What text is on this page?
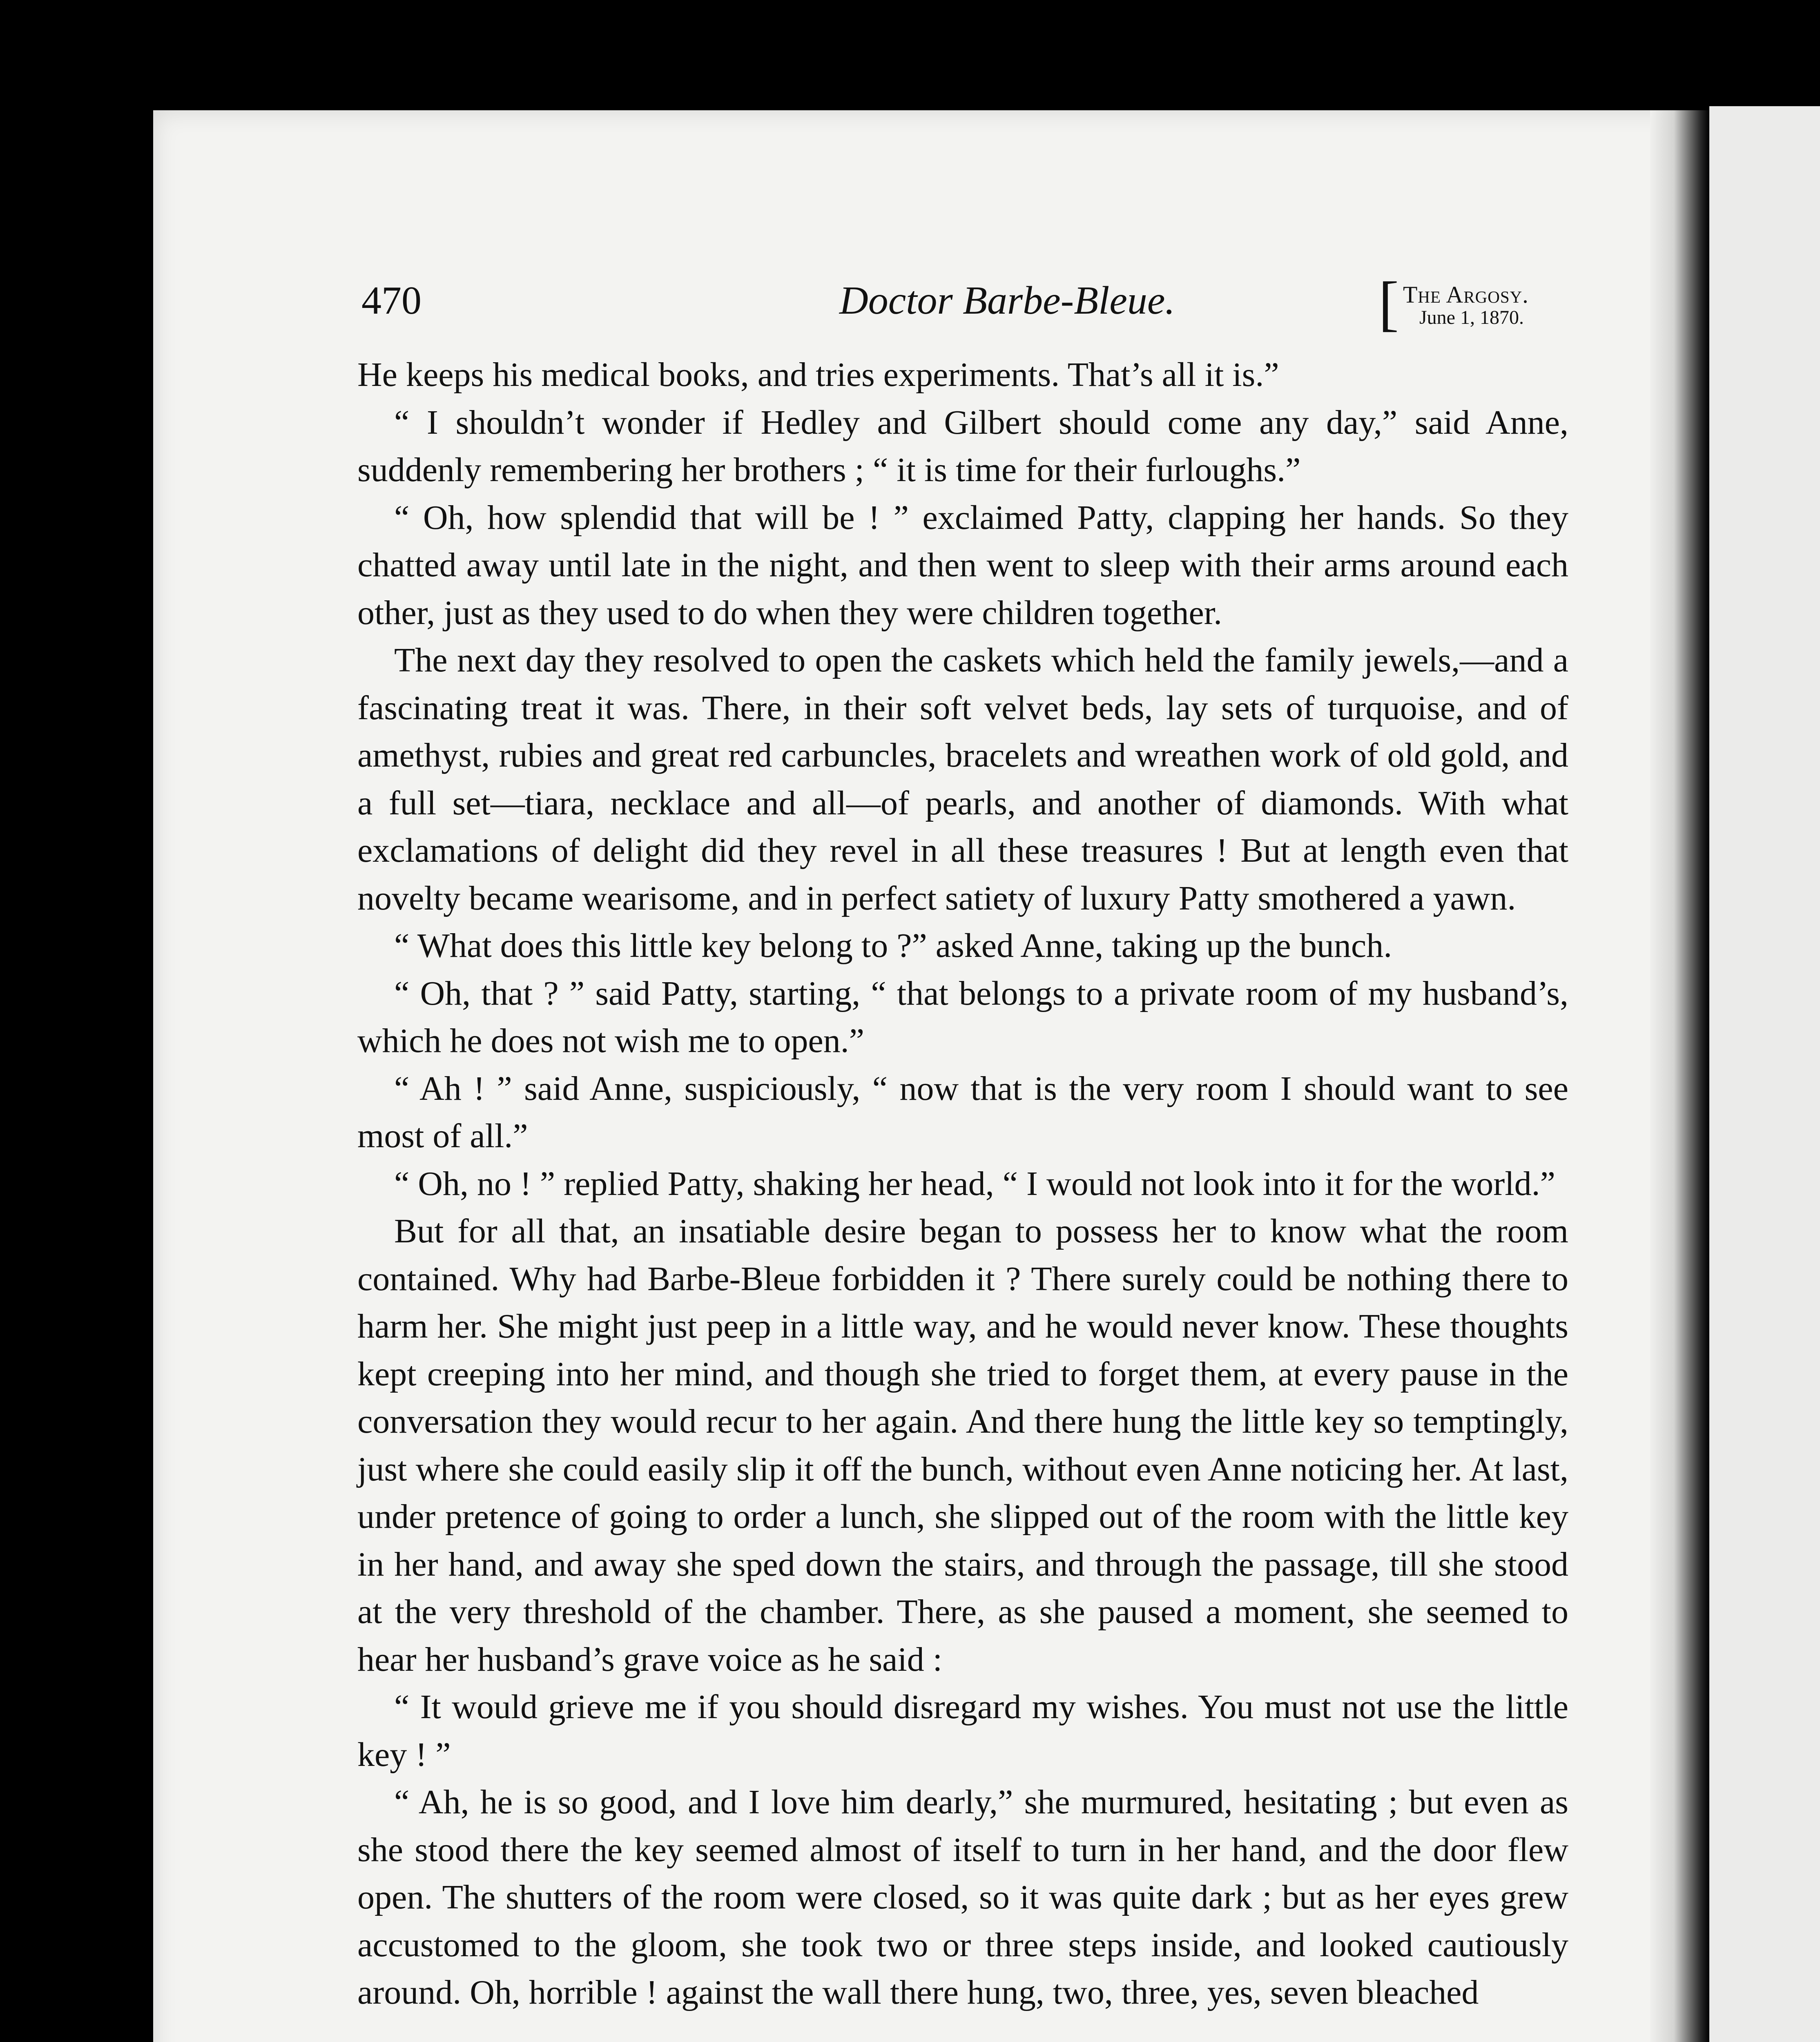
470	Doctor Barbe-Bleue.	[ The Argosy.
June 1, 1870.

He keeps his medical books, and tries experiments. That’s all it is.”

“ I shouldn’t wonder if Hedley and Gilbert should come any day,” said Anne, suddenly remembering her brothers ; “ it is time for their furloughs.”

“ Oh, how splendid that will be ! ” exclaimed Patty, clapping her hands. So they chatted away until late in the night, and then went to sleep with their arms around each other, just as they used to do when they were children together.

The next day they resolved to open the caskets which held the family jewels,—and a fascinating treat it was. There, in their soft velvet beds, lay sets of turquoise, and of amethyst, rubies and great red carbuncles, bracelets and wreathen work of old gold, and a full set—tiara, necklace and all—of pearls, and another of diamonds. With what exclamations of delight did they revel in all these treasures ! But at length even that novelty became wearisome, and in perfect satiety of luxury Patty smothered a yawn.

“ What does this little key belong to ?” asked Anne, taking up the bunch.

“ Oh, that ? ” said Patty, starting, “ that belongs to a private room of my husband’s, which he does not wish me to open.”

“ Ah ! ” said Anne, suspiciously, “ now that is the very room I should want to see most of all.”

“ Oh, no ! ” replied Patty, shaking her head, “ I would not look into it for the world.”

But for all that, an insatiable desire began to possess her to know what the room contained. Why had Barbe-Bleue forbidden it ? There surely could be nothing there to harm her. She might just peep in a little way, and he would never know. These thoughts kept creeping into her mind, and though she tried to forget them, at every pause in the conversation they would recur to her again. And there hung the little key so temptingly, just where she could easily slip it off the bunch, without even Anne noticing her. At last, under pretence of going to order a lunch, she slipped out of the room with the little key in her hand, and away she sped down the stairs, and through the passage, till she stood at the very threshold of the chamber. There, as she paused a moment, she seemed to hear her husband’s grave voice as he said :

“ It would grieve me if you should disregard my wishes. You must not use the little key ! ”

“ Ah, he is so good, and I love him dearly,” she murmured, hesitating ; but even as she stood there the key seemed almost of itself to turn in her hand, and the door flew open. The shutters of the room were closed, so it was quite dark ; but as her eyes grew accustomed to the gloom, she took two or three steps inside, and looked cautiously around. Oh, horrible ! against the wall there hung, two, three, yes, seven bleached
